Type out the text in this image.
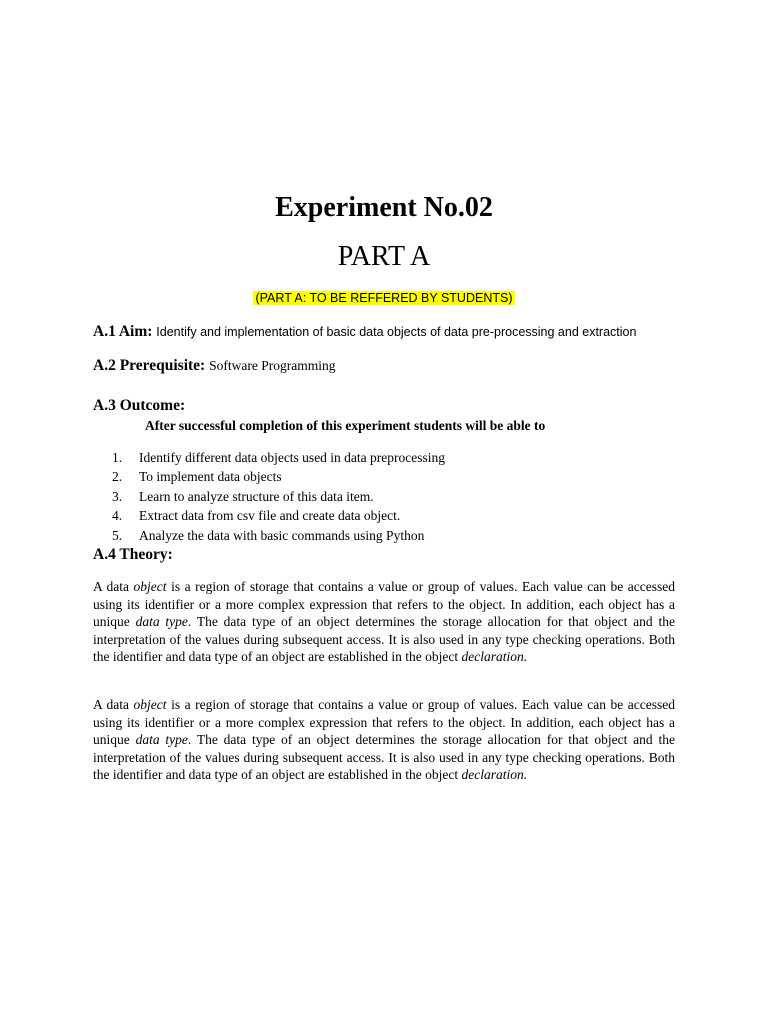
Experiment No.02
PART A
(PART A: TO BE REFFERED BY STUDENTS)
A.1 Aim: Identify and implementation of basic data objects of data pre-processing and extraction
A.2 Prerequisite: Software Programming
A.3 Outcome:
After successful completion of this experiment students will be able to
1. Identify different data objects used in data preprocessing
2. To implement data objects
3. Learn to analyze structure of this data item.
4. Extract data from csv file and create data object.
5. Analyze the data with basic commands using Python
A.4 Theory:

A data object is a region of storage that contains a value or group of values. Each value can be accessed using its identifier or a more complex expression that refers to the object. In addition, each object has a unique data type. The data type of an object determines the storage allocation for that object and the interpretation of the values during subsequent access. It is also used in any type checking operations. Both the identifier and data type of an object are established in the object declaration.

A data object is a region of storage that contains a value or group of values. Each value can be accessed using its identifier or a more complex expression that refers to the object. In addition, each object has a unique data type. The data type of an object determines the storage allocation for that object and the interpretation of the values during subsequent access. It is also used in any type checking operations. Both the identifier and data type of an object are established in the object declaration.
